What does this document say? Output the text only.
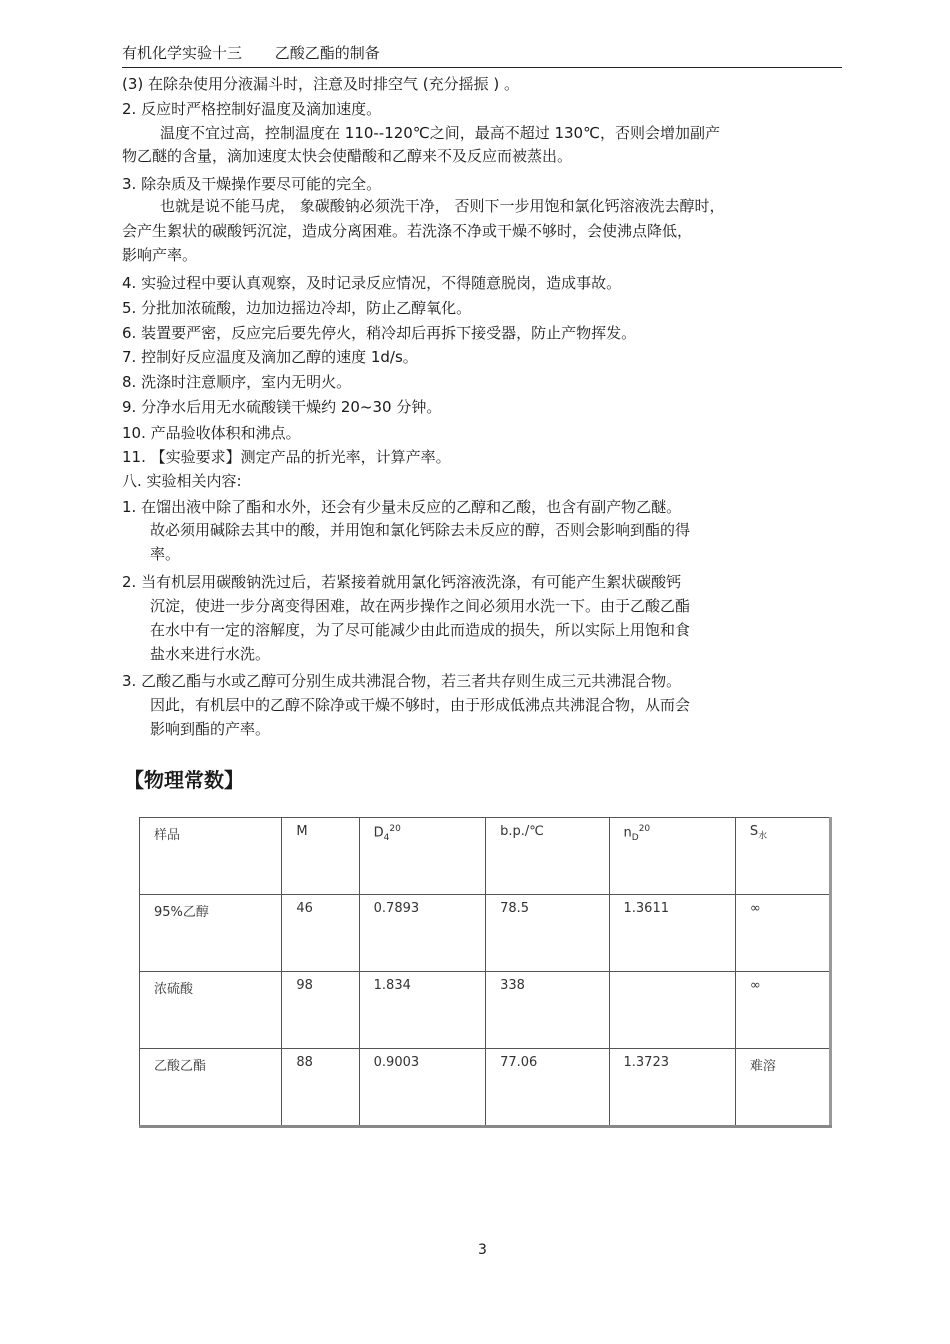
有机化学实验十三 乙酸乙酯的制备
(3) 在除杂使用分液漏斗时，注意及时排空气 (充分摇振 ) 。
2. 反应时严格控制好温度及滴加速度。
温度不宜过高，控制温度在 110--120℃之间，最高不超过 130℃，否则会增加副产
物乙醚的含量，滴加速度太快会使醋酸和乙醇来不及反应而被蒸出。
3. 除杂质及干燥操作要尽可能的完全。
也就是说不能马虎， 象碳酸钠必须洗干净， 否则下一步用饱和氯化钙溶液洗去醇时，
会产生絮状的碳酸钙沉淀，造成分离困难。若洗涤不净或干燥不够时，会使沸点降低，
影响产率。
4. 实验过程中要认真观察，及时记录反应情况，不得随意脱岗，造成事故。
5. 分批加浓硫酸，边加边摇边冷却，防止乙醇氧化。
6. 装置要严密，反应完后要先停火，稍冷却后再拆下接受器，防止产物挥发。
7. 控制好反应温度及滴加乙醇的速度 1d/s。
8. 洗涤时注意顺序，室内无明火。
9. 分净水后用无水硫酸镁干燥约 20~30 分钟。
10. 产品验收体积和沸点。
11. 【实验要求】测定产品的折光率，计算产率。
八. 实验相关内容:
1. 在馏出液中除了酯和水外，还会有少量未反应的乙醇和乙酸，也含有副产物乙醚。
故必须用碱除去其中的酸，并用饱和氯化钙除去未反应的醇，否则会影响到酯的得
率。
2. 当有机层用碳酸钠洗过后，若紧接着就用氯化钙溶液洗涤，有可能产生絮状碳酸钙
沉淀，使进一步分离变得困难，故在两步操作之间必须用水洗一下。由于乙酸乙酯
在水中有一定的溶解度，为了尽可能减少由此而造成的损失，所以实际上用饱和食
盐水来进行水洗。
3. 乙酸乙酯与水或乙醇可分别生成共沸混合物，若三者共存则生成三元共沸混合物。
因此，有机层中的乙醇不除净或干燥不够时，由于形成低沸点共沸混合物，从而会
影响到酯的产率。
【物理常数】
样品	M	$D_4^{20}$	b.p./℃	$n_D^{20}$	$S_水$
95%乙醇	46	0.7893	78.5	1.3611	∞
浓硫酸	98	1.834	338		∞
乙酸乙酯	88	0.9003	77.06	1.3723	难溶
3
